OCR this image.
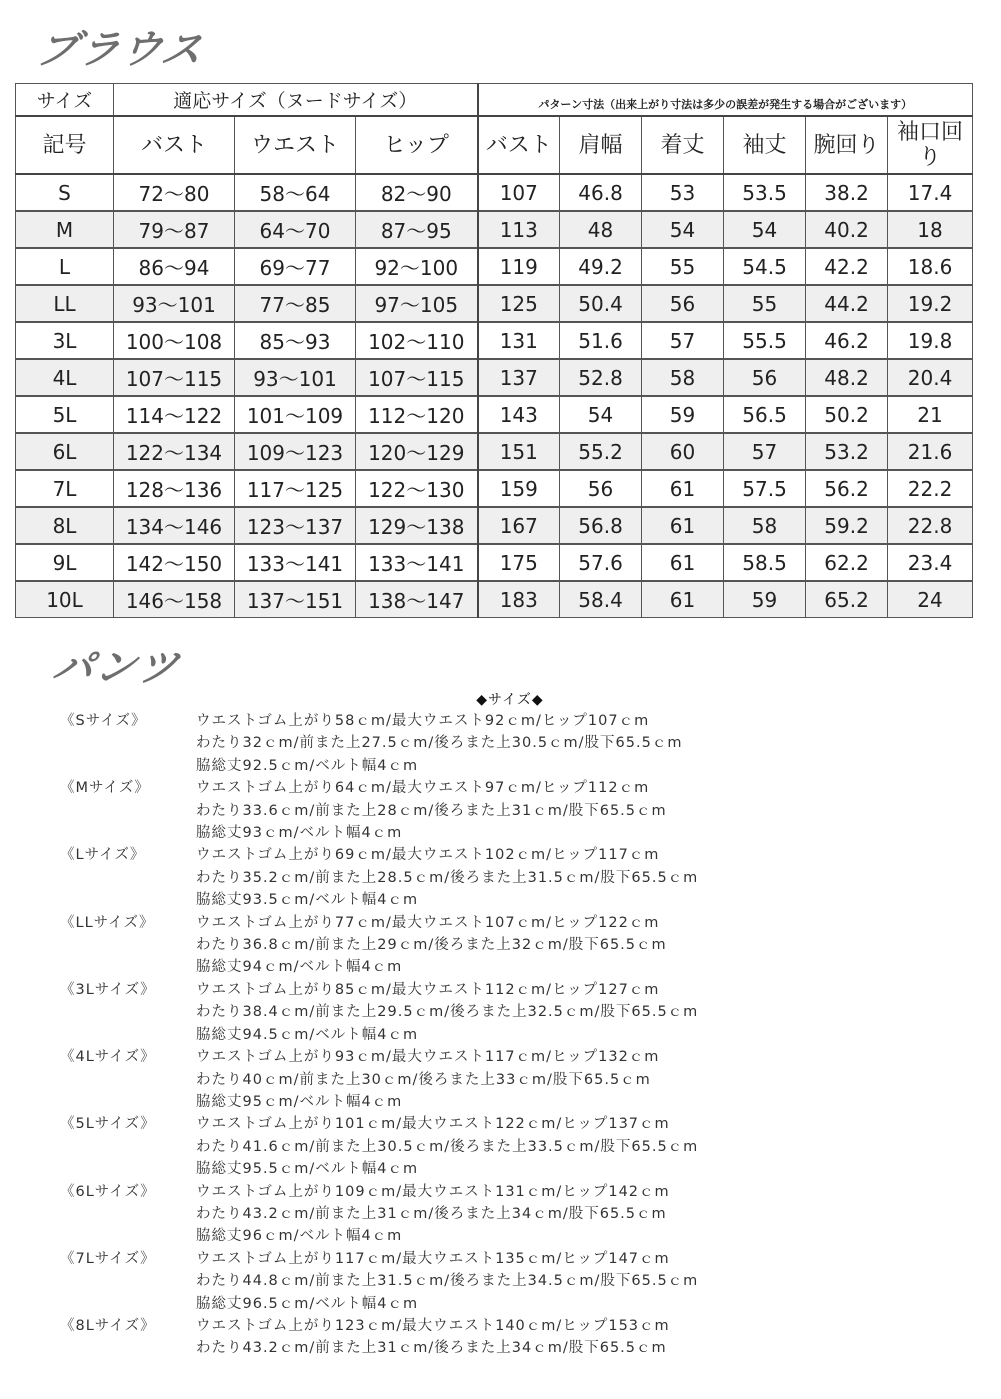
ブラウス
サイズ	適応サイズ（ヌードサイズ）			パターン寸法（出来上がり寸法は多少の誤差が発生する場合がございます）					
記号	バスト	ウエスト	ヒップ	バスト	肩幅	着丈	袖丈	腕回り	袖口回り
S	72〜80	58〜64	82〜90	107	46.8	53	53.5	38.2	17.4
M	79〜87	64〜70	87〜95	113	48	54	54	40.2	18
L	86〜94	69〜77	92〜100	119	49.2	55	54.5	42.2	18.6
LL	93〜101	77〜85	97〜105	125	50.4	56	55	44.2	19.2
3L	100〜108	85〜93	102〜110	131	51.6	57	55.5	46.2	19.8
4L	107〜115	93〜101	107〜115	137	52.8	58	56	48.2	20.4
5L	114〜122	101〜109	112〜120	143	54	59	56.5	50.2	21
6L	122〜134	109〜123	120〜129	151	55.2	60	57	53.2	21.6
7L	128〜136	117〜125	122〜130	159	56	61	57.5	56.2	22.2
8L	134〜146	123〜137	129〜138	167	56.8	61	58	59.2	22.8
9L	142〜150	133〜141	133〜141	175	57.6	61	58.5	62.2	23.4
10L	146〜158	137〜151	138〜147	183	58.4	61	59	65.2	24
パンツ
◆サイズ◆
《Sサイズ》	ウエストゴム上がり58ｃm/最大ウエスト92ｃm/ヒップ107ｃm
わたり32ｃm/前また上27.5ｃm/後ろまた上30.5ｃm/股下65.5ｃm
脇総丈92.5ｃm/ベルト幅4ｃm
《Mサイズ》	ウエストゴム上がり64ｃm/最大ウエスト97ｃm/ヒップ112ｃm
わたり33.6ｃm/前また上28ｃm/後ろまた上31ｃm/股下65.5ｃm
脇総丈93ｃm/ベルト幅4ｃm
《Lサイズ》	ウエストゴム上がり69ｃm/最大ウエスト102ｃm/ヒップ117ｃm
わたり35.2ｃm/前また上28.5ｃm/後ろまた上31.5ｃm/股下65.5ｃm
脇総丈93.5ｃm/ベルト幅4ｃm
《LLサイズ》	ウエストゴム上がり77ｃm/最大ウエスト107ｃm/ヒップ122ｃm
わたり36.8ｃm/前また上29ｃm/後ろまた上32ｃm/股下65.5ｃm
脇総丈94ｃm/ベルト幅4ｃm
《3Lサイズ》	ウエストゴム上がり85ｃm/最大ウエスト112ｃm/ヒップ127ｃm
わたり38.4ｃm/前また上29.5ｃm/後ろまた上32.5ｃm/股下65.5ｃm
脇総丈94.5ｃm/ベルト幅4ｃm
《4Lサイズ》	ウエストゴム上がり93ｃm/最大ウエスト117ｃm/ヒップ132ｃm
わたり40ｃm/前また上30ｃm/後ろまた上33ｃm/股下65.5ｃm
脇総丈95ｃm/ベルト幅4ｃm
《5Lサイズ》	ウエストゴム上がり101ｃm/最大ウエスト122ｃm/ヒップ137ｃm
わたり41.6ｃm/前また上30.5ｃm/後ろまた上33.5ｃm/股下65.5ｃm
脇総丈95.5ｃm/ベルト幅4ｃm
《6Lサイズ》	ウエストゴム上がり109ｃm/最大ウエスト131ｃm/ヒップ142ｃm
わたり43.2ｃm/前また上31ｃm/後ろまた上34ｃm/股下65.5ｃm
脇総丈96ｃm/ベルト幅4ｃm
《7Lサイズ》	ウエストゴム上がり117ｃm/最大ウエスト135ｃm/ヒップ147ｃm
わたり44.8ｃm/前また上31.5ｃm/後ろまた上34.5ｃm/股下65.5ｃm
脇総丈96.5ｃm/ベルト幅4ｃm
《8Lサイズ》	ウエストゴム上がり123ｃm/最大ウエスト140ｃm/ヒップ153ｃm
わたり43.2ｃm/前また上31ｃm/後ろまた上34ｃm/股下65.5ｃm
